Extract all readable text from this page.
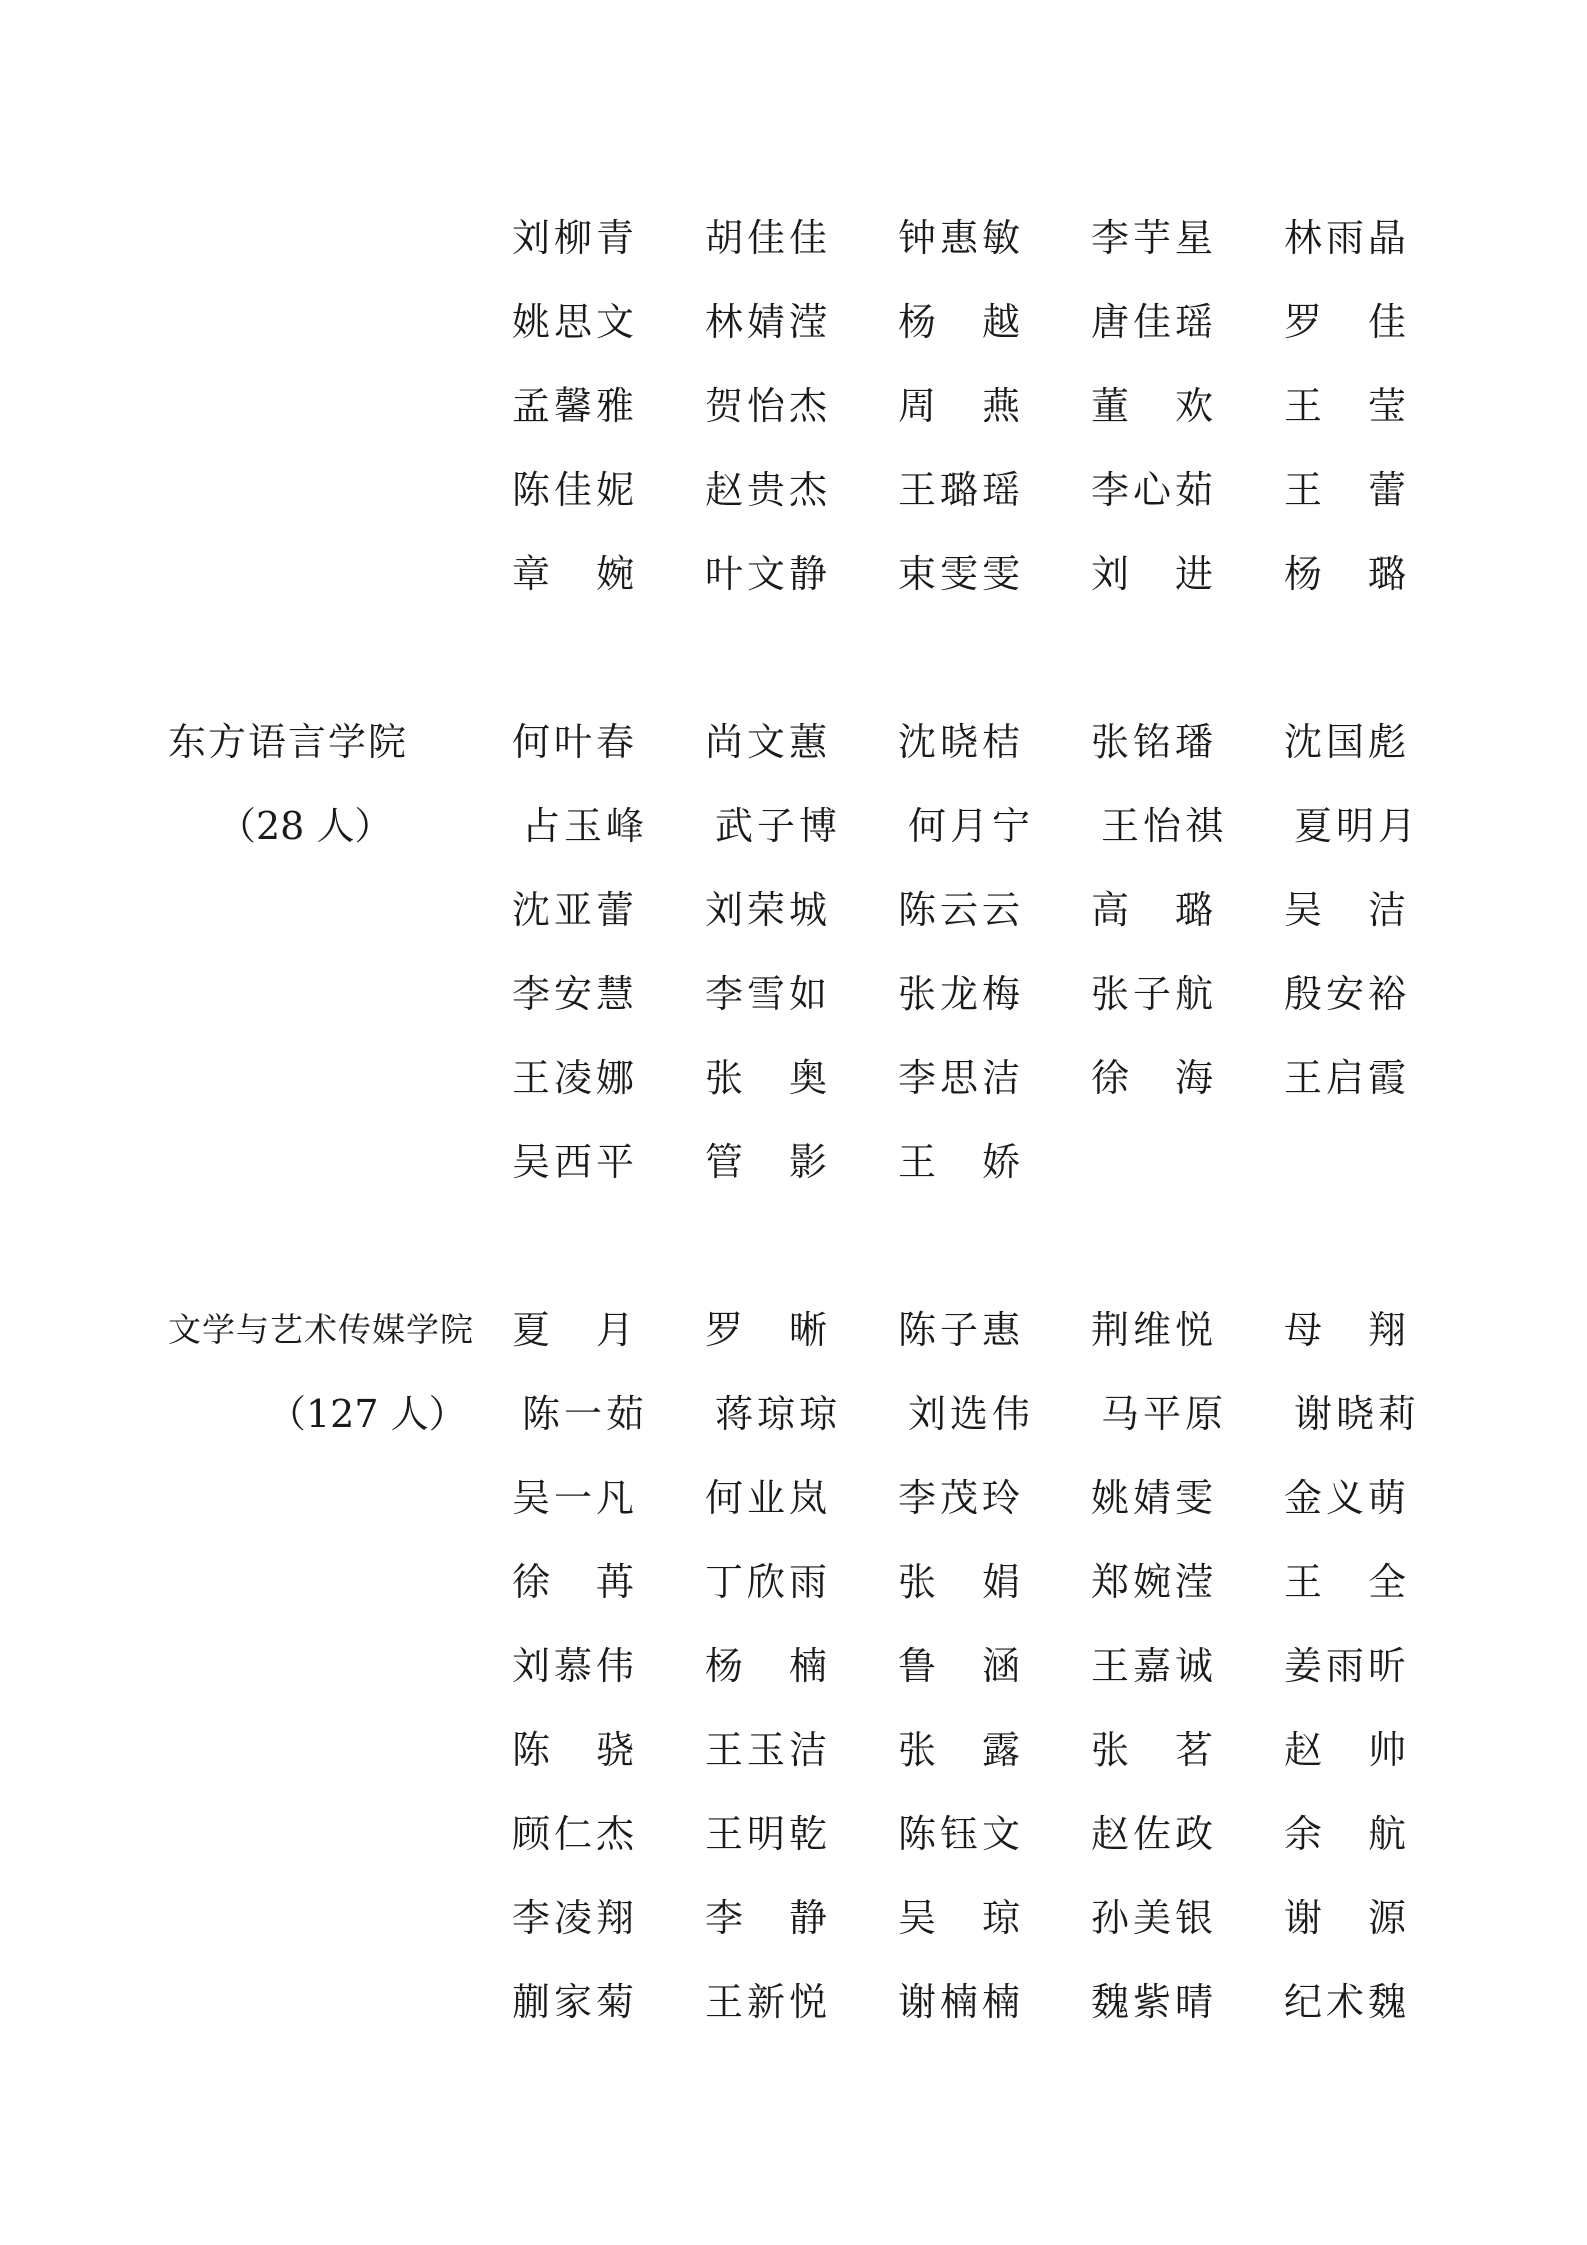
刘柳青 胡佳佳 钟惠敏 李芋星 林雨晶
姚思文 林婧滢 杨　越 唐佳瑶 罗　佳
孟馨雅 贺怡杰 周　燕 董　欢 王　莹
陈佳妮 赵贵杰 王璐瑶 李心茹 王　蕾
章　婉 叶文静 束雯雯 刘　进 杨　璐
东方语言学院
（28 人）
何叶春 尚文蕙 沈晓桔 张铭璠 沈国彪
占玉峰 武子博 何月宁 王怡祺 夏明月
沈亚蕾 刘荣城 陈云云 高　璐 吴　洁
李安慧 李雪如 张龙梅 张子航 殷安裕
王凌娜 张　奥 李思洁 徐　海 王启霞
吴西平 管　影 王　娇
文学与艺术传媒学院
（127 人）
夏　月 罗　晰 陈子惠 荆维悦 母　翔
陈一茹 蒋琼琼 刘选伟 马平原 谢晓莉
吴一凡 何业岚 李茂玲 姚婧雯 金义萌
徐　苒 丁欣雨 张　娟 郑婉滢 王　全
刘慕伟 杨　楠 鲁　涵 王嘉诚 姜雨昕
陈　骁 王玉洁 张　露 张　茗 赵　帅
顾仁杰 王明乾 陈钰文 赵佐政 余　航
李凌翔 李　静 吴　琼 孙美银 谢　源
蒯家菊 王新悦 谢楠楠 魏紫晴 纪术魏
